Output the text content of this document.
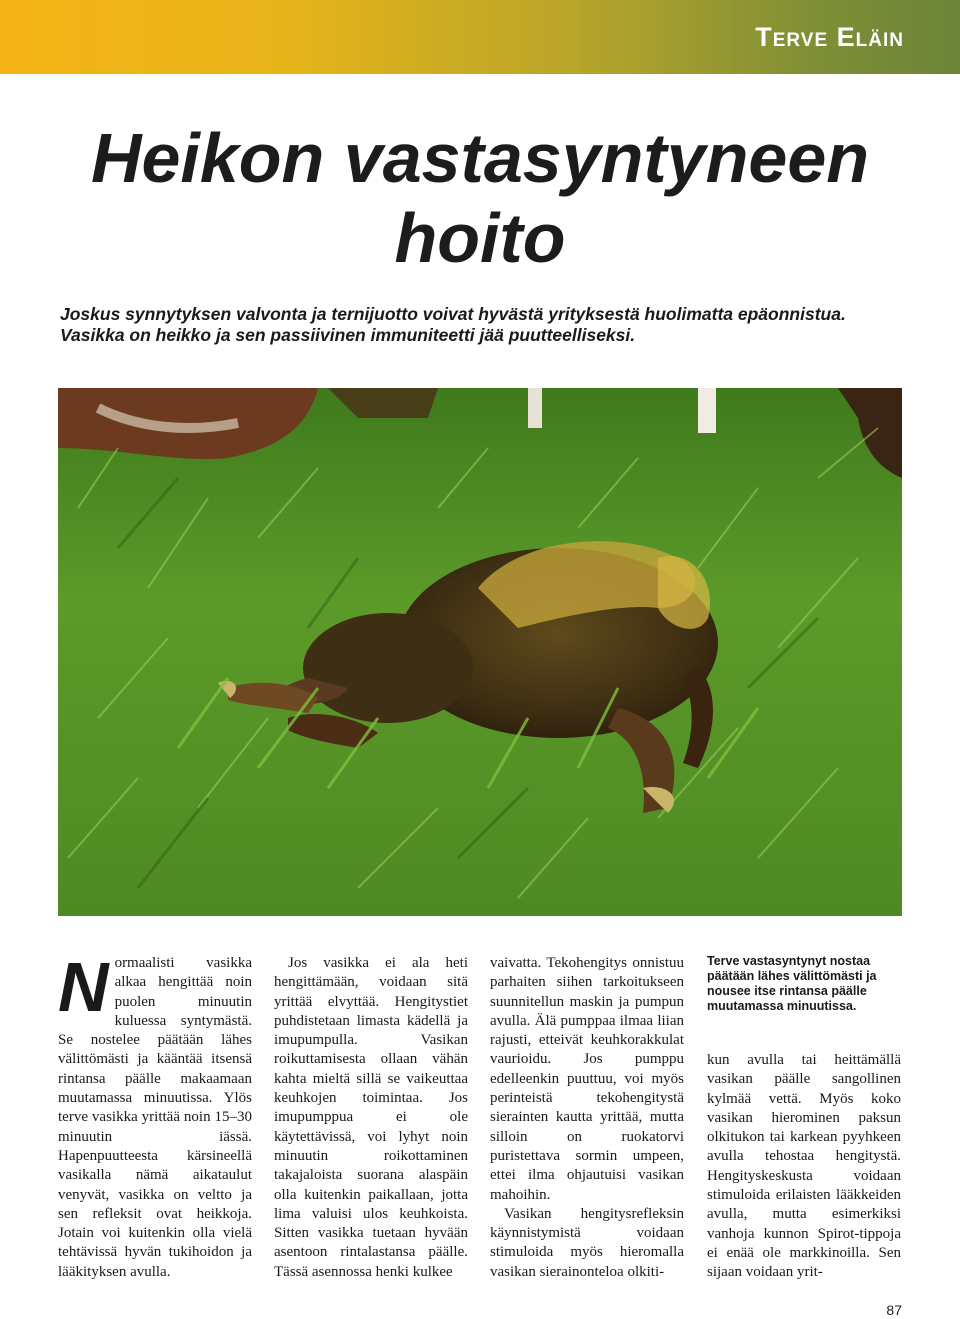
Terve Eläin
Heikon vastasyntyneen
hoito

Joskus synnytyksen valvonta ja ternijuotto voivat hyvästä yrityksestä huolimatta epäonnistua. Vasikka on heikko ja sen passiivinen immuniteetti jää puutteelliseksi.

Normaalisti vasikka alkaa hengittää noin puolen minuutin kuluessa syntymästä. Se nostelee päätään lähes välittömästi ja kääntää itsensä rintansa päälle makaamaan muutamassa minuutissa. Ylös terve vasikka yrittää noin 15–30 minuutin iässä. Hapenpuutteesta kärsineellä vasikalla nämä aikataulut venyvät, vasikka on veltto ja sen refleksit ovat heikkoja. Jotain voi kuitenkin olla vielä tehtävissä hyvän tukihoidon ja lääkityksen avulla.

Jos vasikka ei ala heti hengittämään, voidaan sitä yrittää elvyttää. Hengitystiet puhdistetaan limasta kädellä ja imupumpulla. Vasikan roikuttamisesta ollaan vähän kahta mieltä sillä se vaikeuttaa keuhkojen toimintaa. Jos imupumppua ei ole käytettävissä, voi lyhyt noin minuutin roikottaminen takajaloista suorana alaspäin olla kuitenkin paikallaan, jotta lima valuisi ulos keuhkoista. Sitten vasikka tuetaan hyvään asentoon rintalastansa päälle. Tässä asennossa henki kulkee

vaivatta. Tekohengitys onnistuu parhaiten siihen tarkoitukseen suunnitellun maskin ja pumpun avulla. Älä pumppaa ilmaa liian rajusti, etteivät keuhkorakkulat vaurioidu. Jos pumppu edelleenkin puuttuu, voi myös perinteistä tekohengitystä sierainten kautta yrittää, mutta silloin on ruokatorvi puristettava sormin umpeen, ettei ilma ohjautuisi vasikan mahoihin.

Vasikan hengitysrefleksin käynnistymistä voidaan stimuloida myös hieromalla vasikan sierainonteloa olkiti-

Terve vastasyntynyt nostaa päätään lähes välittömästi ja nousee itse rintansa päälle muutamassa minuutissa.

kun avulla tai heittämällä vasikan päälle sangollinen kylmää vettä. Myös koko vasikan hierominen paksun olkitukon tai karkean pyyhkeen avulla tehostaa hengitystä. Hengityskeskusta voidaan stimuloida erilaisten lääkkeiden avulla, mutta esimerkiksi vanhoja kunnon Spirot-tippoja ei enää ole markkinoilla. Sen sijaan voidaan yrit-

87
